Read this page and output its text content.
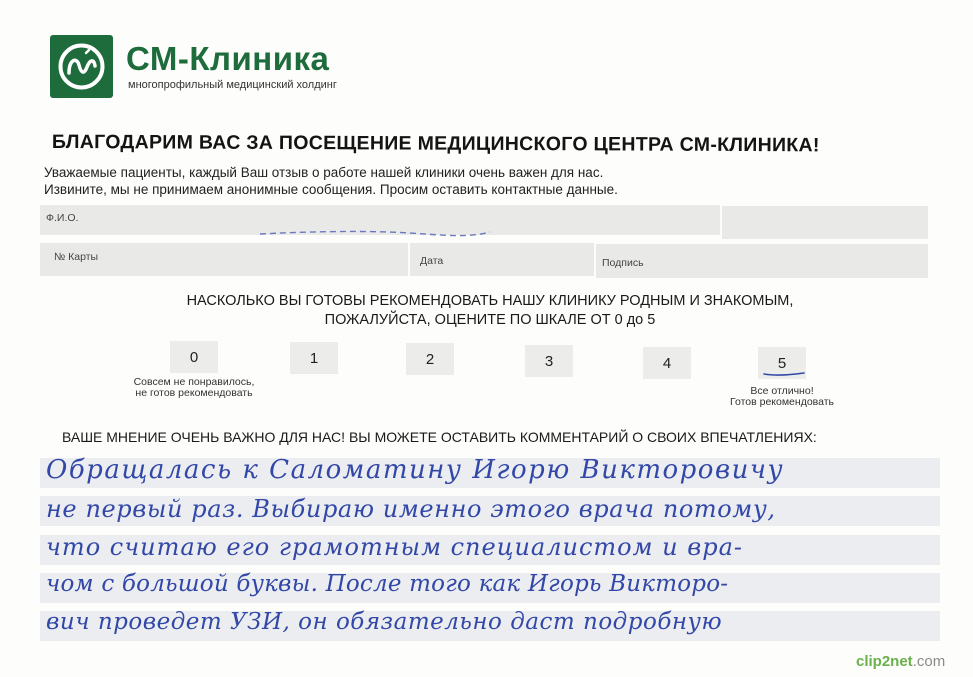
СМ-Клиника
многопрофильный медицинский холдинг
БЛАГОДАРИМ ВАС ЗА ПОСЕЩЕНИЕ МЕДИЦИНСКОГО ЦЕНТРА СМ-КЛИНИКА!
Уважаемые пациенты, каждый Ваш отзыв о работе нашей клиники очень важен для нас.
Извините, мы не принимаем анонимные сообщения. Просим оставить контактные данные.
Ф.И.О.
№ Карты	Дата	Подпись
НАСКОЛЬКО ВЫ ГОТОВЫ РЕКОМЕНДОВАТЬ НАШУ КЛИНИКУ РОДНЫМ И ЗНАКОМЫМ,
ПОЖАЛУЙСТА, ОЦЕНИТЕ ПО ШКАЛЕ ОТ 0 до 5
0	1	2	3	4	5
Совсем не понравилось,
не готов рекомендовать	Все отлично!
Готов рекомендовать
ВАШЕ МНЕНИЕ ОЧЕНЬ ВАЖНО ДЛЯ НАС! ВЫ МОЖЕТЕ ОСТАВИТЬ КОММЕНТАРИЙ О СВОИХ ВПЕЧАТЛЕНИЯХ:
Обращалась к Саломатину Игорю Викторовичу
не первый раз. Выбираю именно этого врача потому,
что считаю его грамотным специалистом и вра-
чом с большой буквы. После того как Игорь Викторо-
вич проведет УЗИ, он обязательно даст подробную
clip2net.com
